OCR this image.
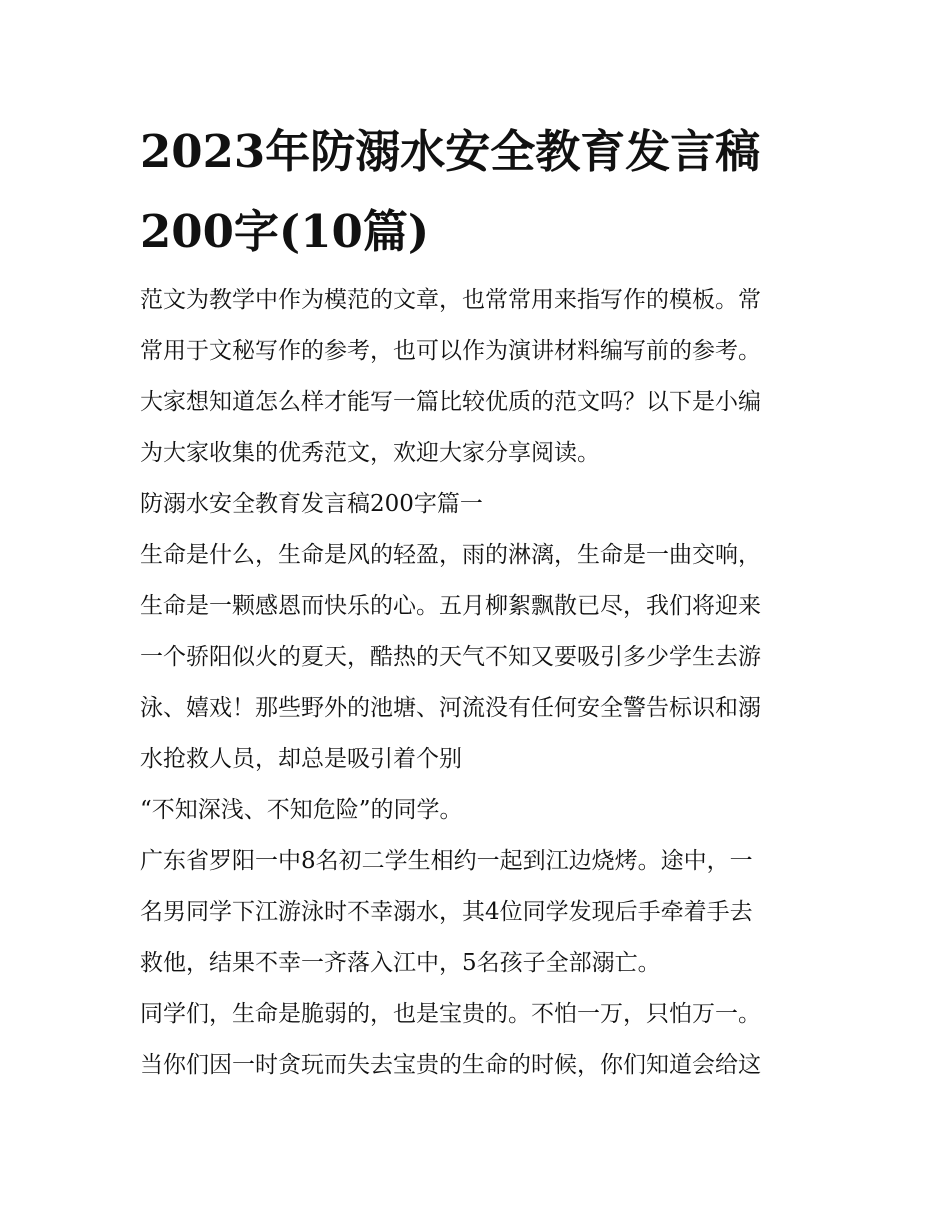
2023年防溺水安全教育发言稿
200字(10篇)
范文为教学中作为模范的文章，也常常用来指写作的模板。常
常用于文秘写作的参考，也可以作为演讲材料编写前的参考。
大家想知道怎么样才能写一篇比较优质的范文吗？以下是小编
为大家收集的优秀范文，欢迎大家分享阅读。
防溺水安全教育发言稿200字篇一
生命是什么，生命是风的轻盈，雨的淋漓，生命是一曲交响，
生命是一颗感恩而快乐的心。五月柳絮飘散已尽，我们将迎来
一个骄阳似火的夏天，酷热的天气不知又要吸引多少学生去游
泳、嬉戏！那些野外的池塘、河流没有任何安全警告标识和溺
水抢救人员，却总是吸引着个别
“不知深浅、不知危险”的同学。
广东省罗阳一中8名初二学生相约一起到江边烧烤。途中，一
名男同学下江游泳时不幸溺水，其4位同学发现后手牵着手去
救他，结果不幸一齐落入江中，5名孩子全部溺亡。
同学们，生命是脆弱的，也是宝贵的。不怕一万，只怕万一。
当你们因一时贪玩而失去宝贵的生命的时候，你们知道会给这
